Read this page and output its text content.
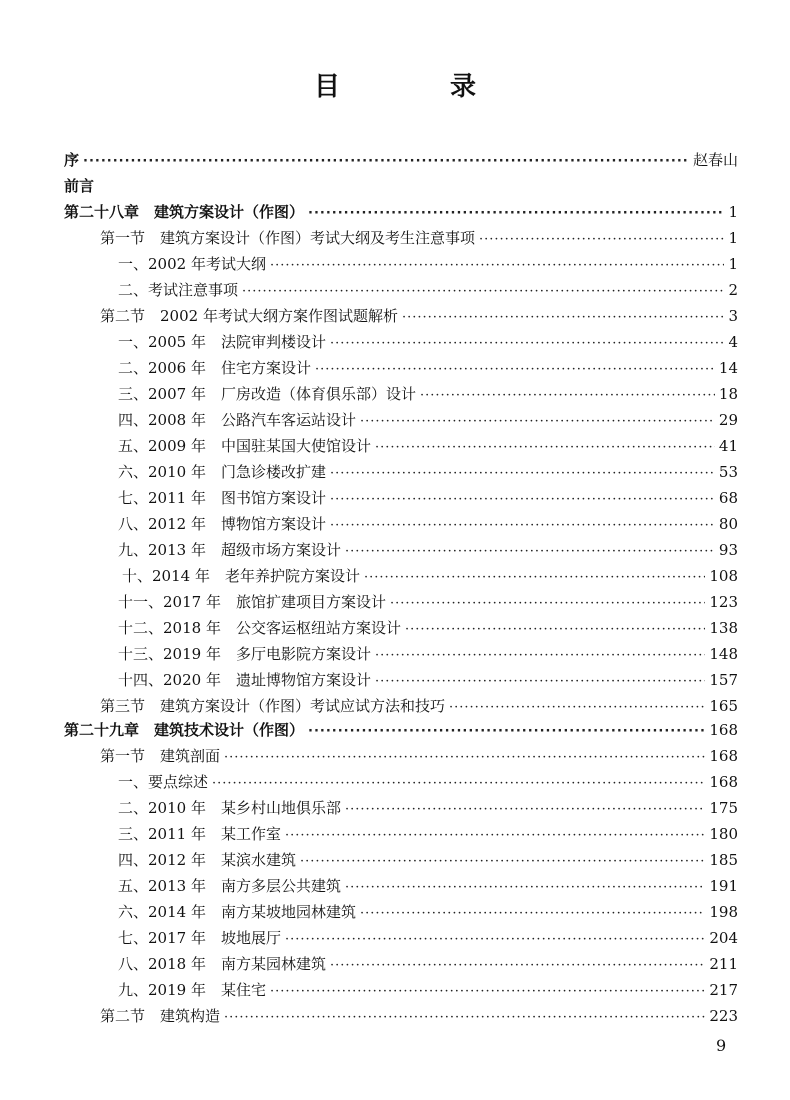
目　录
序 ·····	赵春山
前言
第二十八章　建筑方案设计（作图） ·····	1
第一节　建筑方案设计（作图）考试大纲及考生注意事项 ·····	1
一、2002 年考试大纲 ·····	1
二、考试注意事项 ·····	2
第二节　2002 年考试大纲方案作图试题解析 ·····	3
一、2005 年　法院审判楼设计 ·····	4
二、2006 年　住宅方案设计 ·····	14
三、2007 年　厂房改造（体育俱乐部）设计 ·····	18
四、2008 年　公路汽车客运站设计 ·····	29
五、2009 年　中国驻某国大使馆设计 ·····	41
六、2010 年　门急诊楼改扩建 ·····	53
七、2011 年　图书馆方案设计 ·····	68
八、2012 年　博物馆方案设计 ·····	80
九、2013 年　超级市场方案设计 ·····	93
十、2014 年　老年养护院方案设计 ·····	108
十一、2017 年　旅馆扩建项目方案设计 ·····	123
十二、2018 年　公交客运枢纽站方案设计 ·····	138
十三、2019 年　多厅电影院方案设计 ·····	148
十四、2020 年　遗址博物馆方案设计 ·····	157
第三节　建筑方案设计（作图）考试应试方法和技巧 ·····	165
第二十九章　建筑技术设计（作图） ·····	168
第一节　建筑剖面 ·····	168
一、要点综述 ·····	168
二、2010 年　某乡村山地俱乐部 ·····	175
三、2011 年　某工作室 ·····	180
四、2012 年　某滨水建筑 ·····	185
五、2013 年　南方多层公共建筑 ·····	191
六、2014 年　南方某坡地园林建筑 ·····	198
七、2017 年　坡地展厅 ·····	204
八、2018 年　南方某园林建筑 ·····	211
九、2019 年　某住宅 ·····	217
第二节　建筑构造 ·····	223
9
